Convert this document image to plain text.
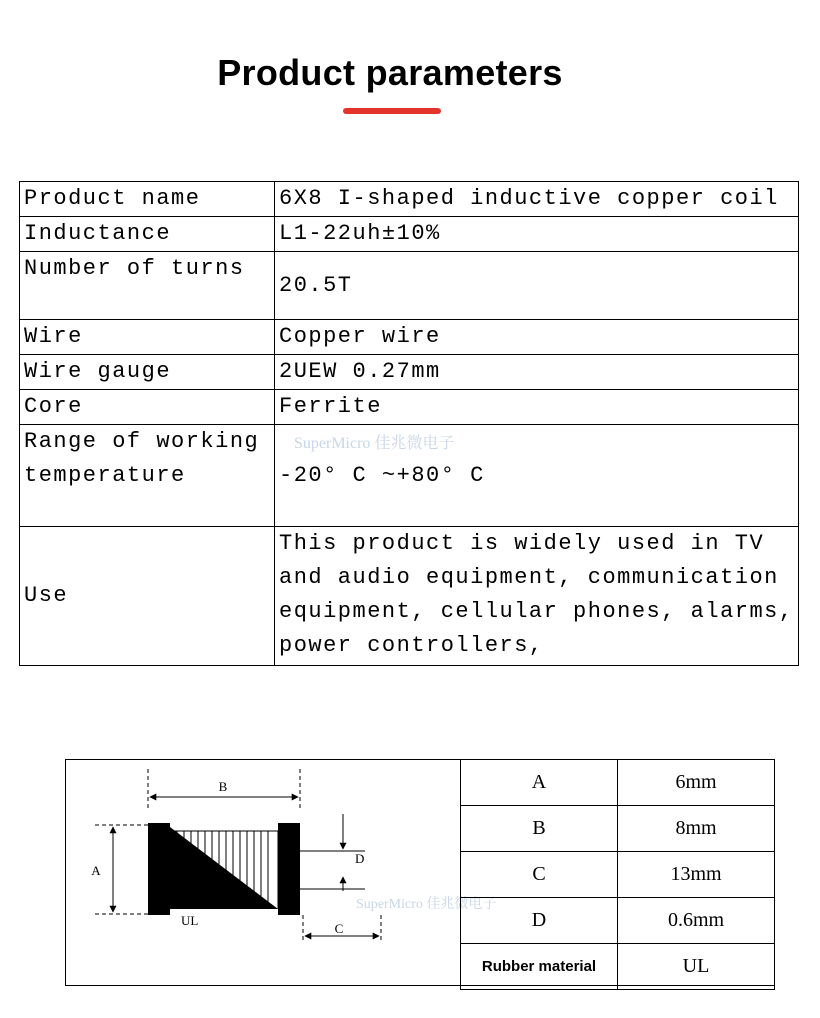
Product parameters
Product name	6X8 I-shaped inductive copper coil
Inductance	L1-22uh±10%
Number of turns	20.5T
Wire	Copper wire
Wire gauge	2UEW 0.27mm
Core	Ferrite
Range of working temperature	-20° C ~+80° C
Use	This product is widely used in TV and audio equipment, communication equipment, cellular phones, alarms, power controllers,
SuperMicro 佳兆微电子
B
A
UL
D
C
SuperMicro 佳兆微电子
A	6mm
B	8mm
C	13mm
D	0.6mm
Rubber material	UL
